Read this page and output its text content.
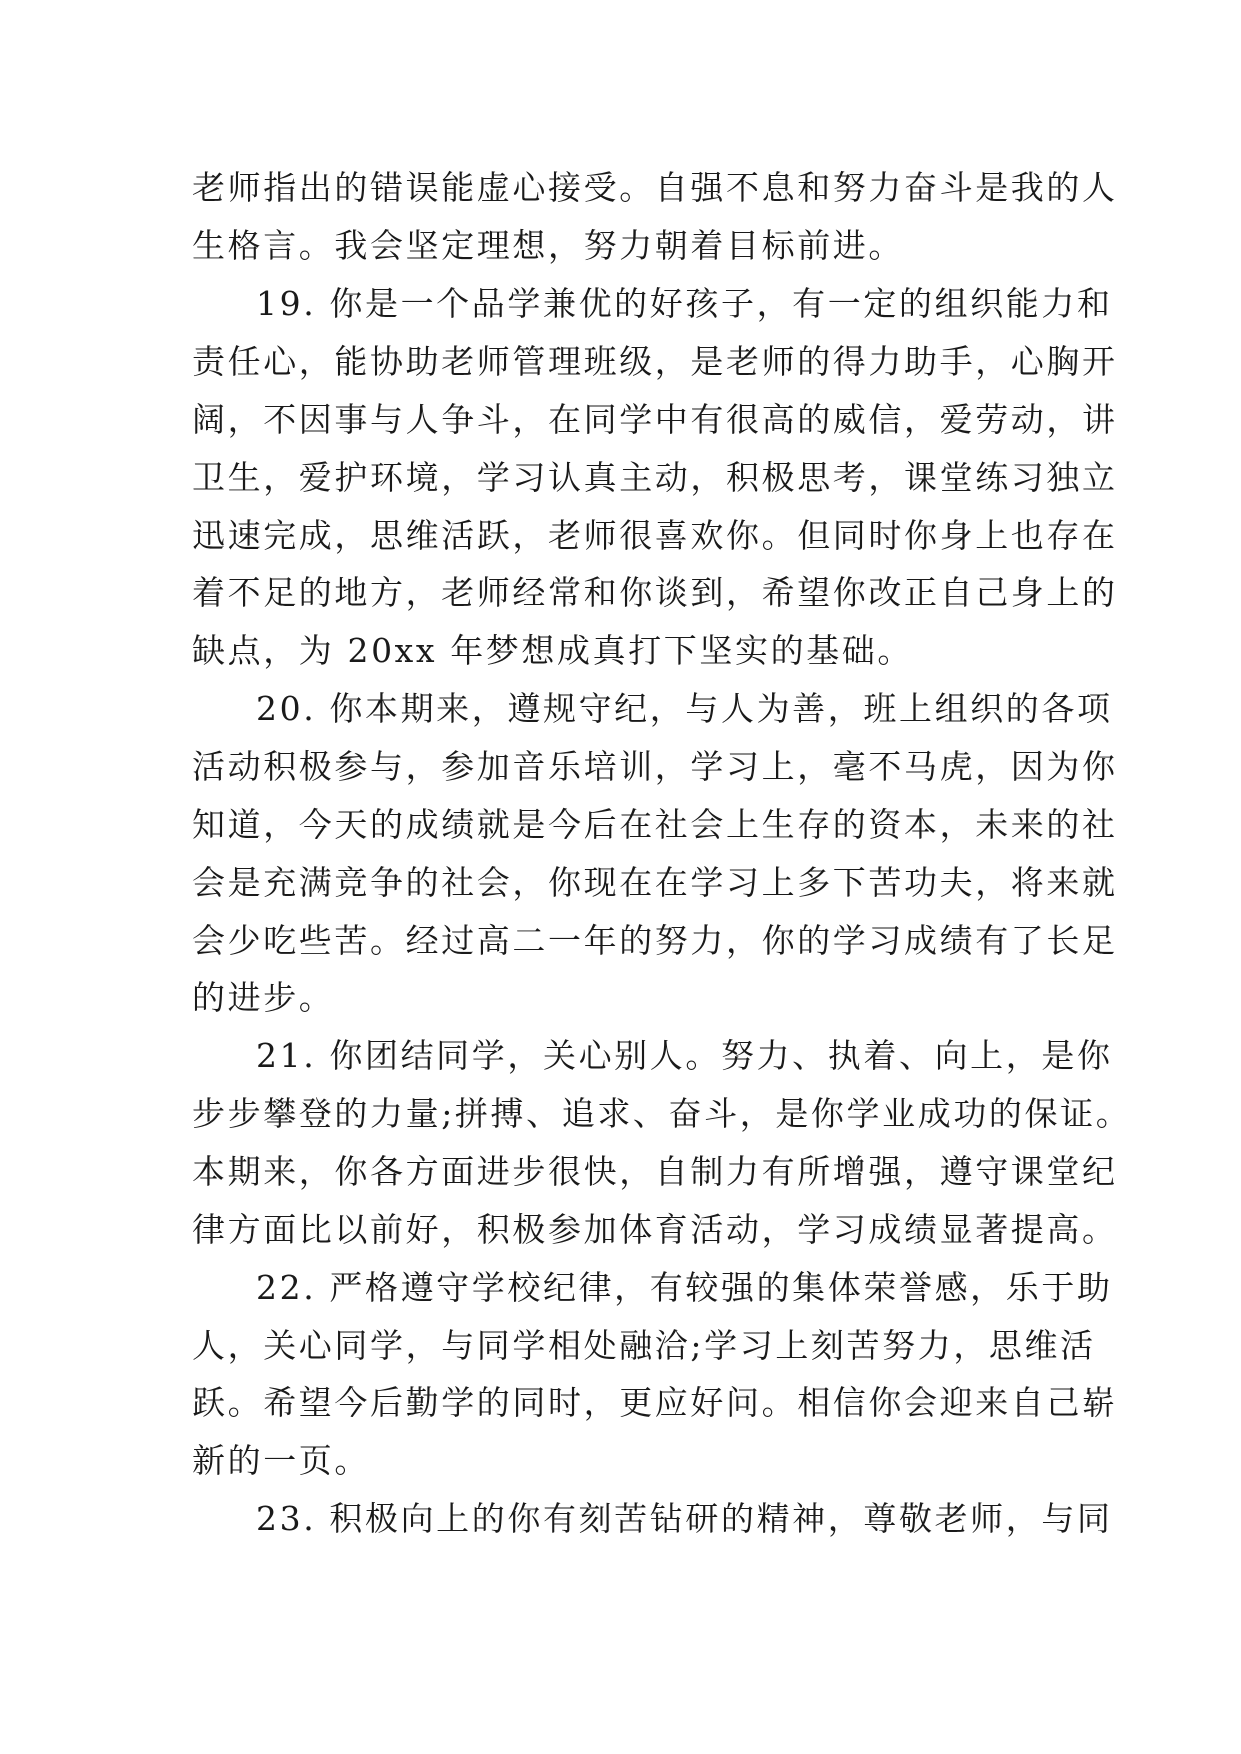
老师指出的错误能虚心接受。自强不息和努力奋斗是我的人
生格言。我会坚定理想，努力朝着目标前进。
19. 你是一个品学兼优的好孩子，有一定的组织能力和
责任心，能协助老师管理班级，是老师的得力助手，心胸开
阔，不因事与人争斗，在同学中有很高的威信，爱劳动，讲
卫生，爱护环境，学习认真主动，积极思考，课堂练习独立
迅速完成，思维活跃，老师很喜欢你。但同时你身上也存在
着不足的地方，老师经常和你谈到，希望你改正自己身上的
缺点，为 20xx 年梦想成真打下坚实的基础。
20. 你本期来，遵规守纪，与人为善，班上组织的各项
活动积极参与，参加音乐培训，学习上，毫不马虎，因为你
知道，今天的成绩就是今后在社会上生存的资本，未来的社
会是充满竞争的社会，你现在在学习上多下苦功夫，将来就
会少吃些苦。经过高二一年的努力，你的学习成绩有了长足
的进步。
21. 你团结同学，关心别人。努力、执着、向上，是你
步步攀登的力量;拼搏、追求、奋斗，是你学业成功的保证。
本期来，你各方面进步很快，自制力有所增强，遵守课堂纪
律方面比以前好，积极参加体育活动，学习成绩显著提高。
22. 严格遵守学校纪律，有较强的集体荣誉感，乐于助
人，关心同学，与同学相处融洽;学习上刻苦努力，思维活
跃。希望今后勤学的同时，更应好问。相信你会迎来自己崭
新的一页。
23. 积极向上的你有刻苦钻研的精神，尊敬老师，与同
